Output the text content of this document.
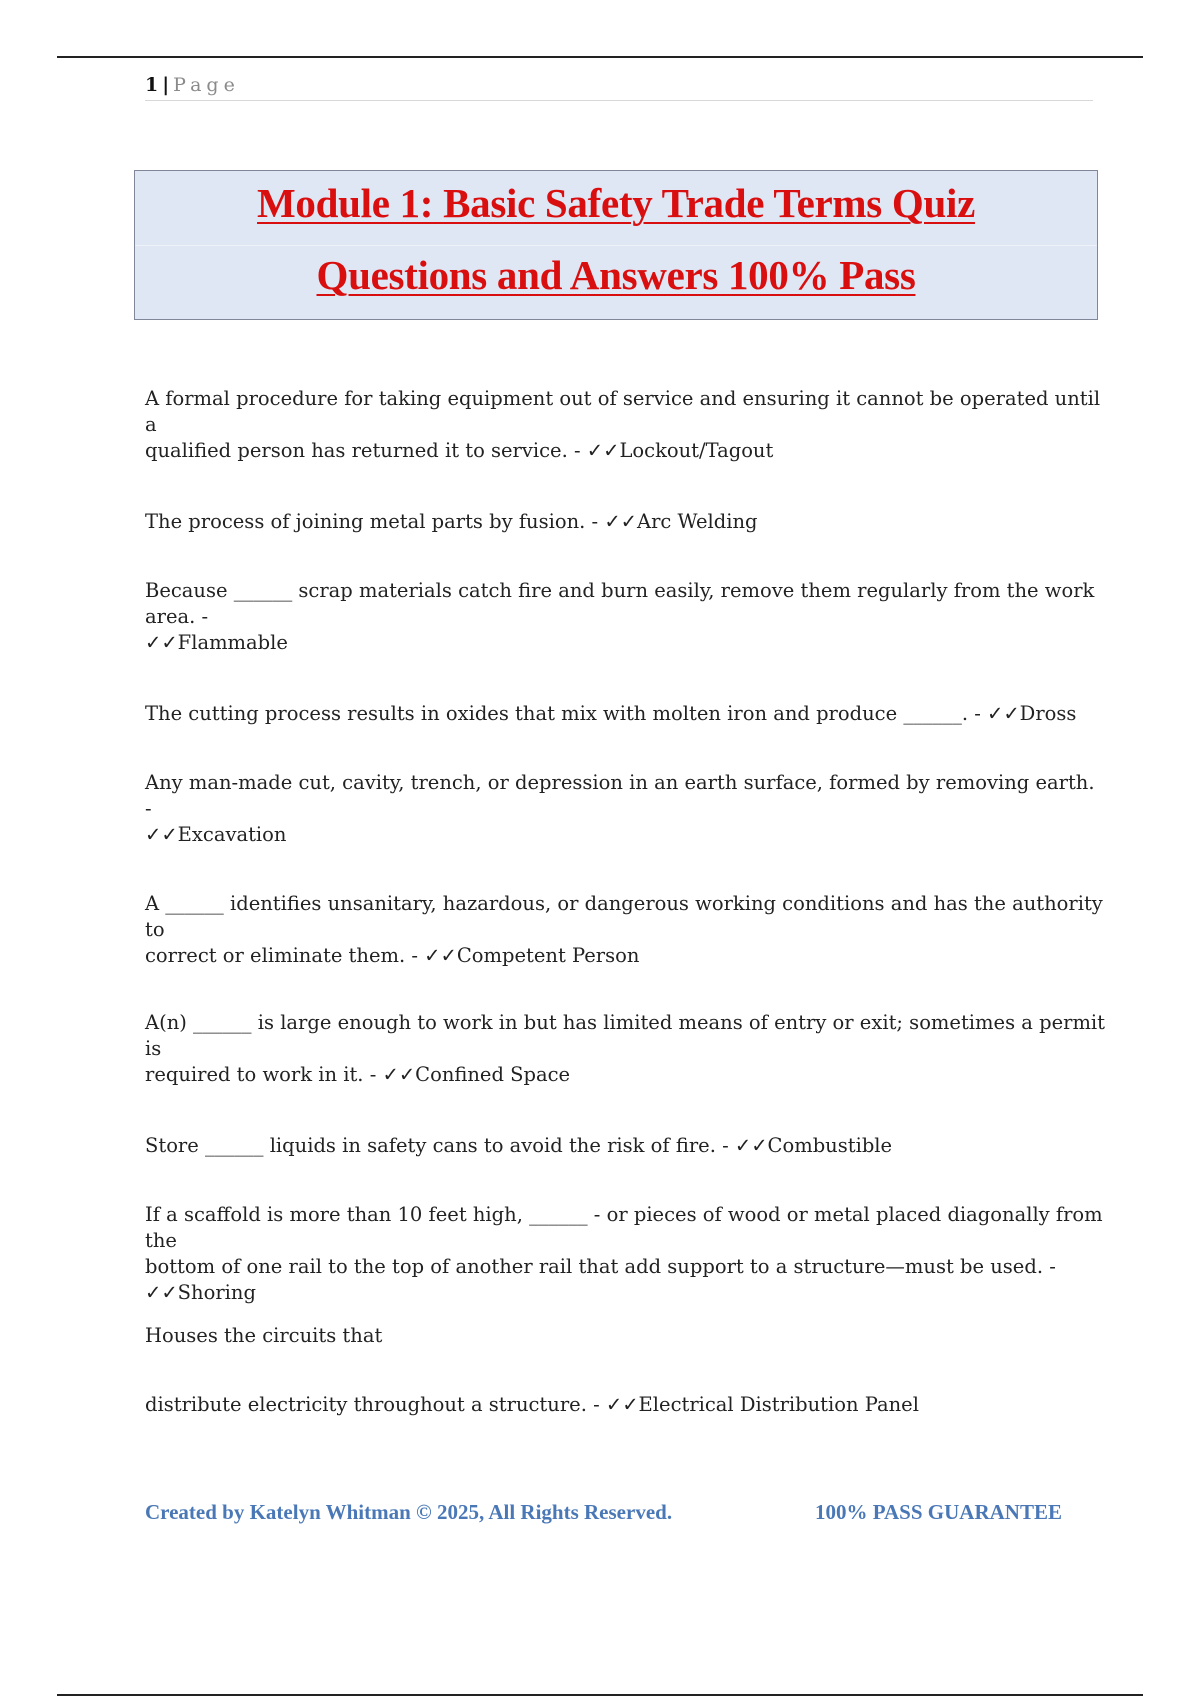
1 | Page
Module 1: Basic Safety Trade Terms Quiz
Questions and Answers 100% Pass
A formal procedure for taking equipment out of service and ensuring it cannot be operated until a
qualified person has returned it to service. - ✓✓Lockout/Tagout
The process of joining metal parts by fusion. - ✓✓Arc Welding
Because ______ scrap materials catch fire and burn easily, remove them regularly from the work area. -
✓✓Flammable
The cutting process results in oxides that mix with molten iron and produce ______. - ✓✓Dross
Any man-made cut, cavity, trench, or depression in an earth surface, formed by removing earth. -
✓✓Excavation
A ______ identifies unsanitary, hazardous, or dangerous working conditions and has the authority to
correct or eliminate them. - ✓✓Competent Person
A(n) ______ is large enough to work in but has limited means of entry or exit; sometimes a permit is
required to work in it. - ✓✓Confined Space
Store ______ liquids in safety cans to avoid the risk of fire. - ✓✓Combustible
If a scaffold is more than 10 feet high, ______ - or pieces of wood or metal placed diagonally from the
bottom of one rail to the top of another rail that add support to a structure—must be used. - ✓✓Shoring
Houses the circuits that
distribute electricity throughout a structure. - ✓✓Electrical Distribution Panel
Created by Katelyn Whitman © 2025, All Rights Reserved.	100% PASS GUARANTEE
